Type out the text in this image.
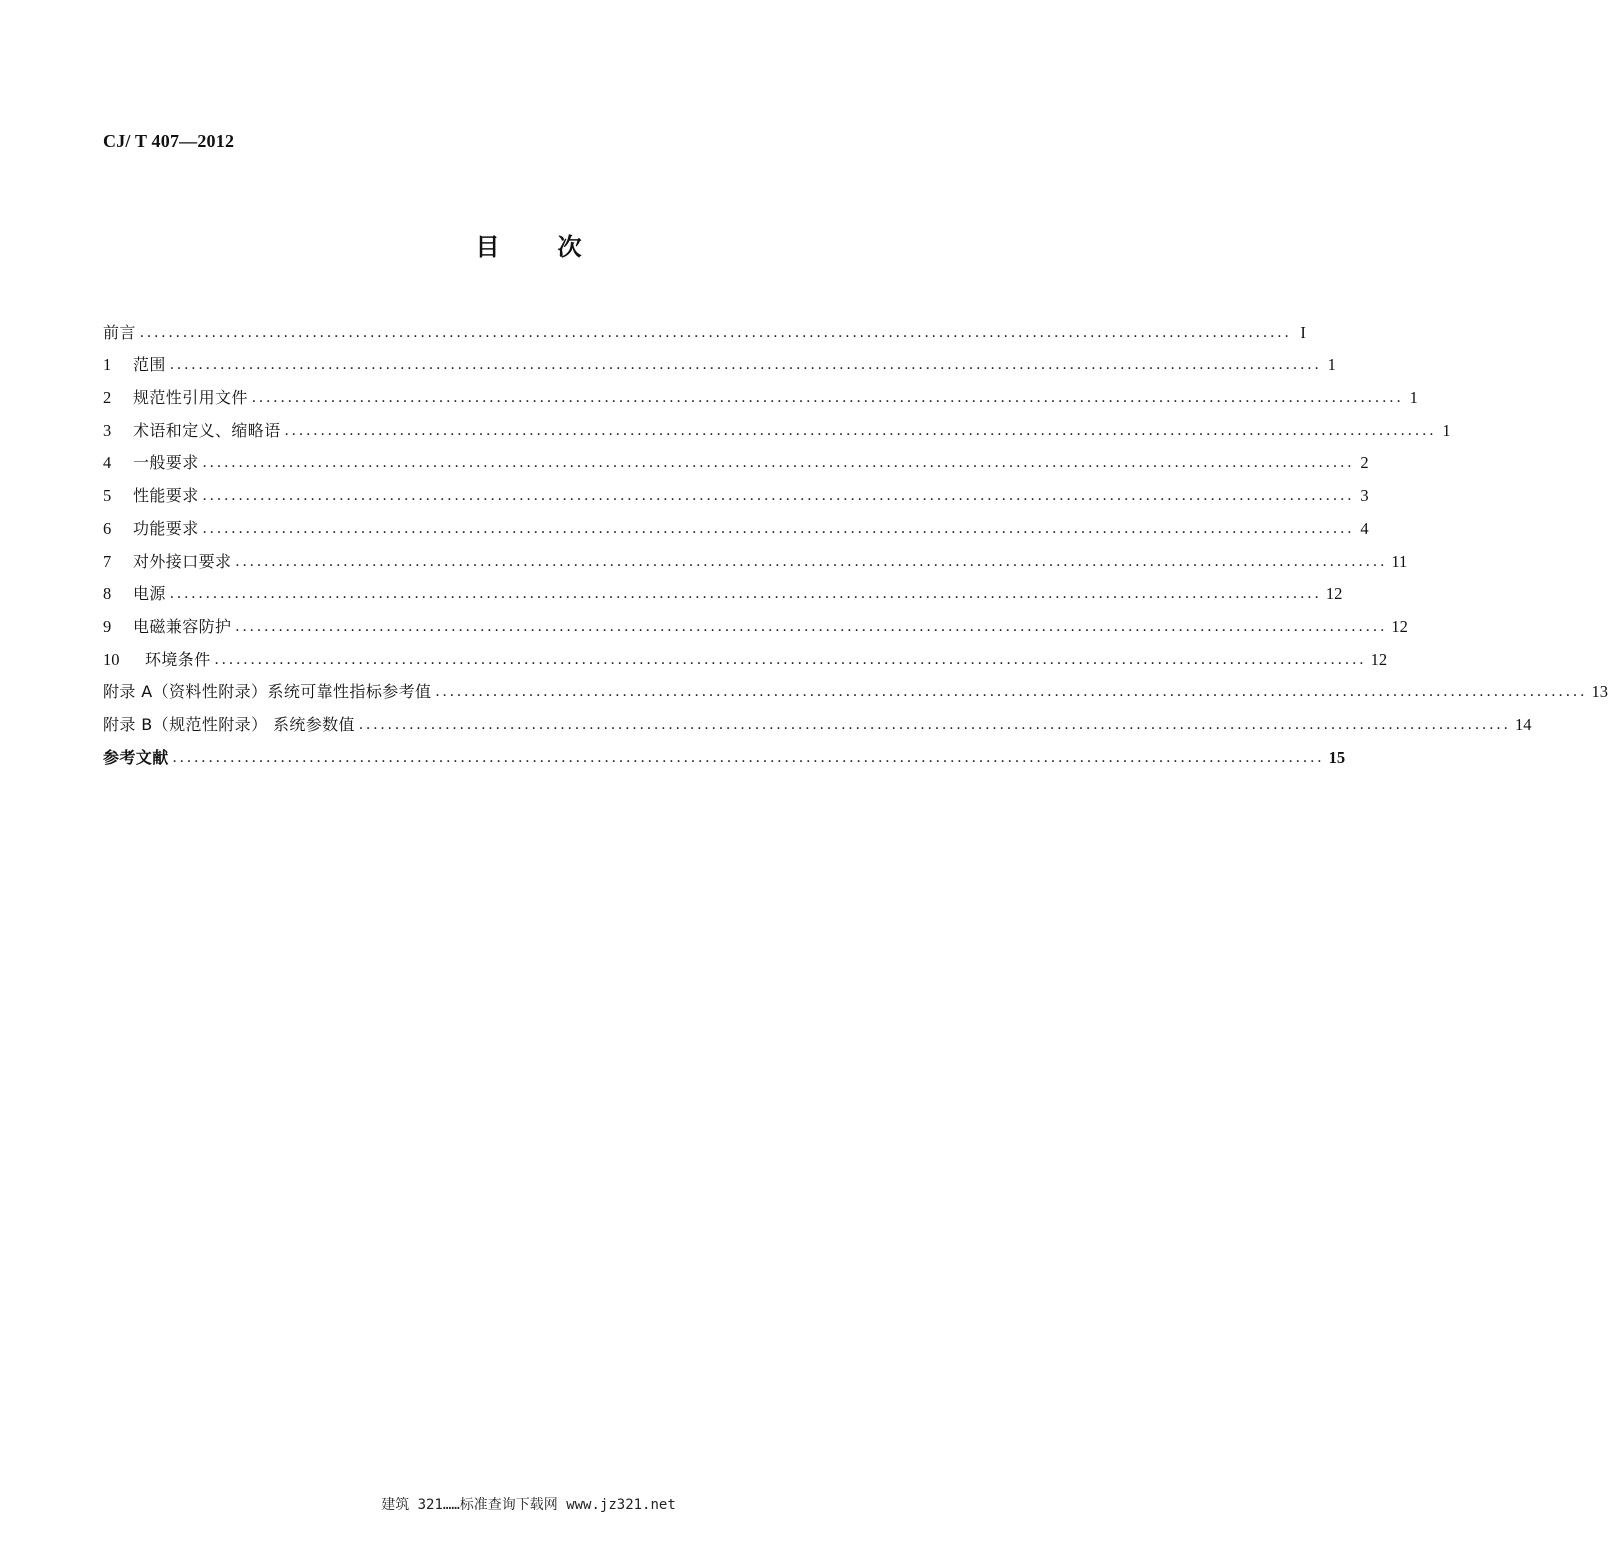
CJ/ T 407—2012
目次
前言 ................................................................................................................................................................ I
1	范围 ................................................................................................................................................................ 1
2	规范性引用文件 ................................................................................................................................................................ 1
3	术语和定义、缩略语 ................................................................................................................................................................ 1
4	一般要求 ................................................................................................................................................................ 2
5	性能要求 ................................................................................................................................................................ 3
6	功能要求 ................................................................................................................................................................ 4
7	对外接口要求 ................................................................................................................................................................ 11
8	电源 ................................................................................................................................................................ 12
9	电磁兼容防护 ................................................................................................................................................................ 12
10	环境条件 ................................................................................................................................................................ 12
附录 A（资料性附录）系统可靠性指标参考值 ................................................................................................................................................................ 13
附录 B（规范性附录） 系统参数值 ................................................................................................................................................................ 14
参考文献 ................................................................................................................................................................ 15
建筑 321……标准查询下载网 www.jz321.net
